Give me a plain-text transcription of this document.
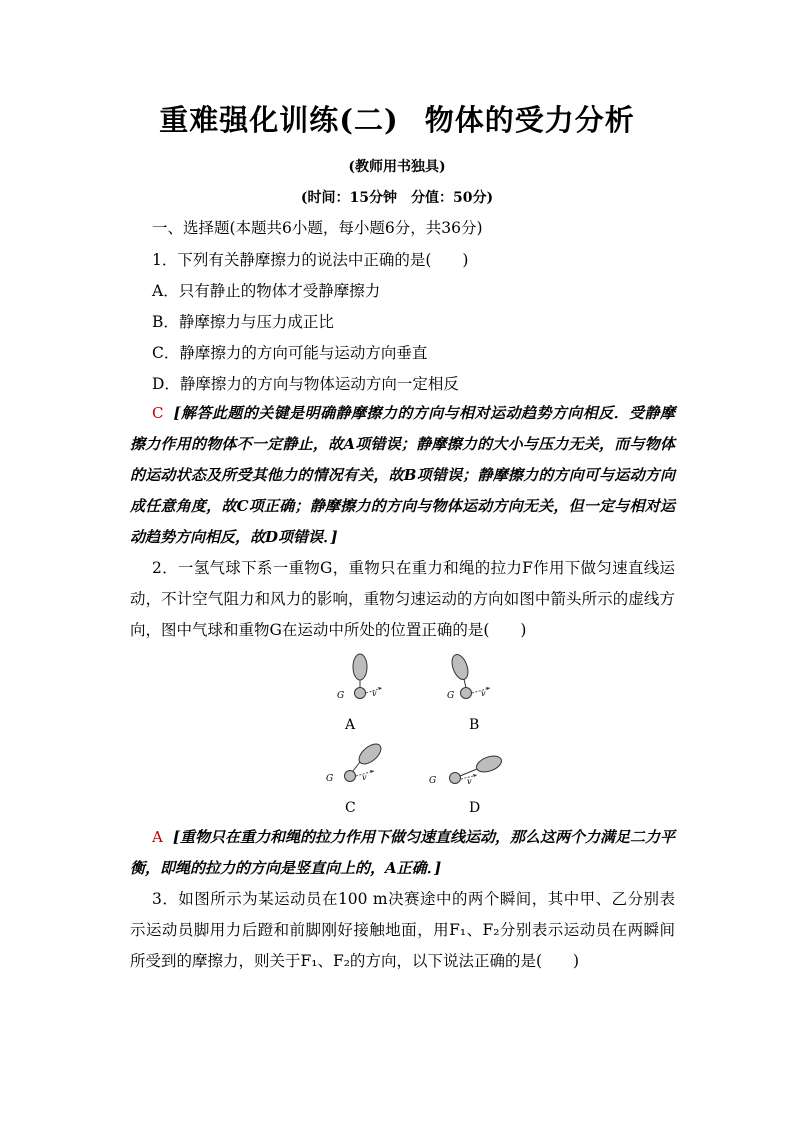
重难强化训练(二) 物体的受力分析
(教师用书独具)
(时间：15分钟　分值：50分)
一、选择题(本题共6小题，每小题6分，共36分)
1．下列有关静摩擦力的说法中正确的是(　　)
A．只有静止的物体才受静摩擦力
B．静摩擦力与压力成正比
C．静摩擦力的方向可能与运动方向垂直
D．静摩擦力的方向与物体运动方向一定相反
C [解答此题的关键是明确静摩擦力的方向与相对运动趋势方向相反．受静摩擦力作用的物体不一定静止，故A项错误；静摩擦力的大小与压力无关，而与物体的运动状态及所受其他力的情况有关，故B项错误；静摩擦力的方向可与运动方向成任意角度，故C项正确；静摩擦力的方向与物体运动方向无关，但一定与相对运动趋势方向相反，故D项错误．]
2．一氢气球下系一重物G，重物只在重力和绳的拉力F作用下做匀速直线运动，不计空气阻力和风力的影响，重物匀速运动的方向如图中箭头所示的虚线方向，图中气球和重物G在运动中所处的位置正确的是(　　)
G	v
A
G	v
B
G	v
C
G	v
D
A [重物只在重力和绳的拉力作用下做匀速直线运动，那么这两个力满足二力平衡，即绳的拉力的方向是竖直向上的，A正确．]
3．如图所示为某运动员在100 m决赛途中的两个瞬间，其中甲、乙分别表示运动员脚用力后蹬和前脚刚好接触地面，用F₁、F₂分别表示运动员在两瞬间所受到的摩擦力，则关于F₁、F₂的方向，以下说法正确的是(　　)
